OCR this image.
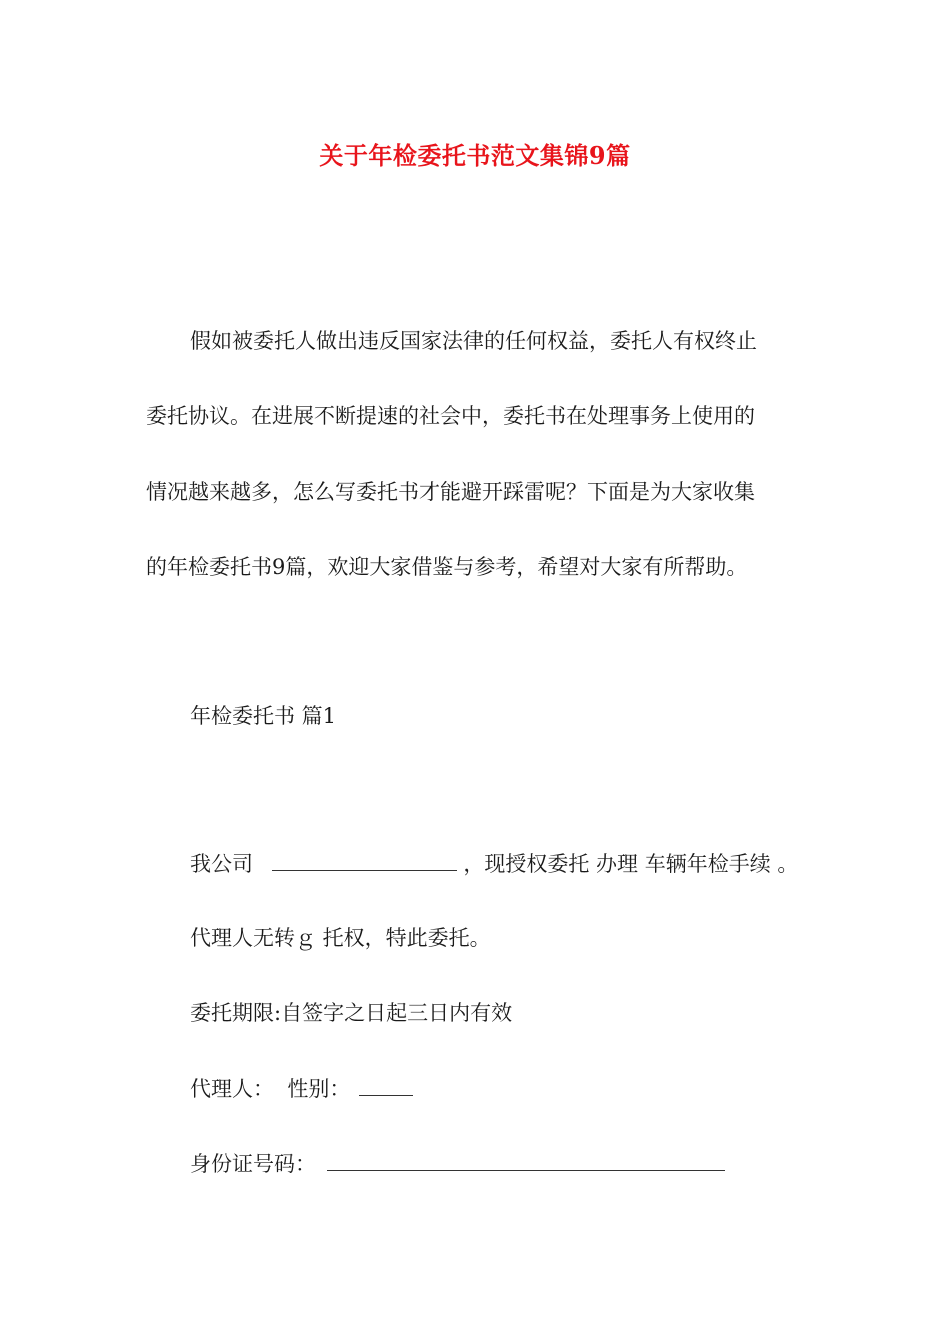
关于年检委托书范文集锦9篇
假如被委托人做出违反国家法律的任何权益，委托人有权终止
委托协议。在进展不断提速的社会中，委托书在处理事务上使用的
情况越来越多，怎么写委托书才能避开踩雷呢？下面是为大家收集
的年检委托书9篇，欢迎大家借鉴与参考，希望对大家有所帮助。
年检委托书 篇1
我公司	，现授权委托 办理 车辆年检手续 。
代理人无转ｇ 托权，特此委托。
委托期限:自签字之日起三日内有效
代理人：  性别：
身份证号码：
